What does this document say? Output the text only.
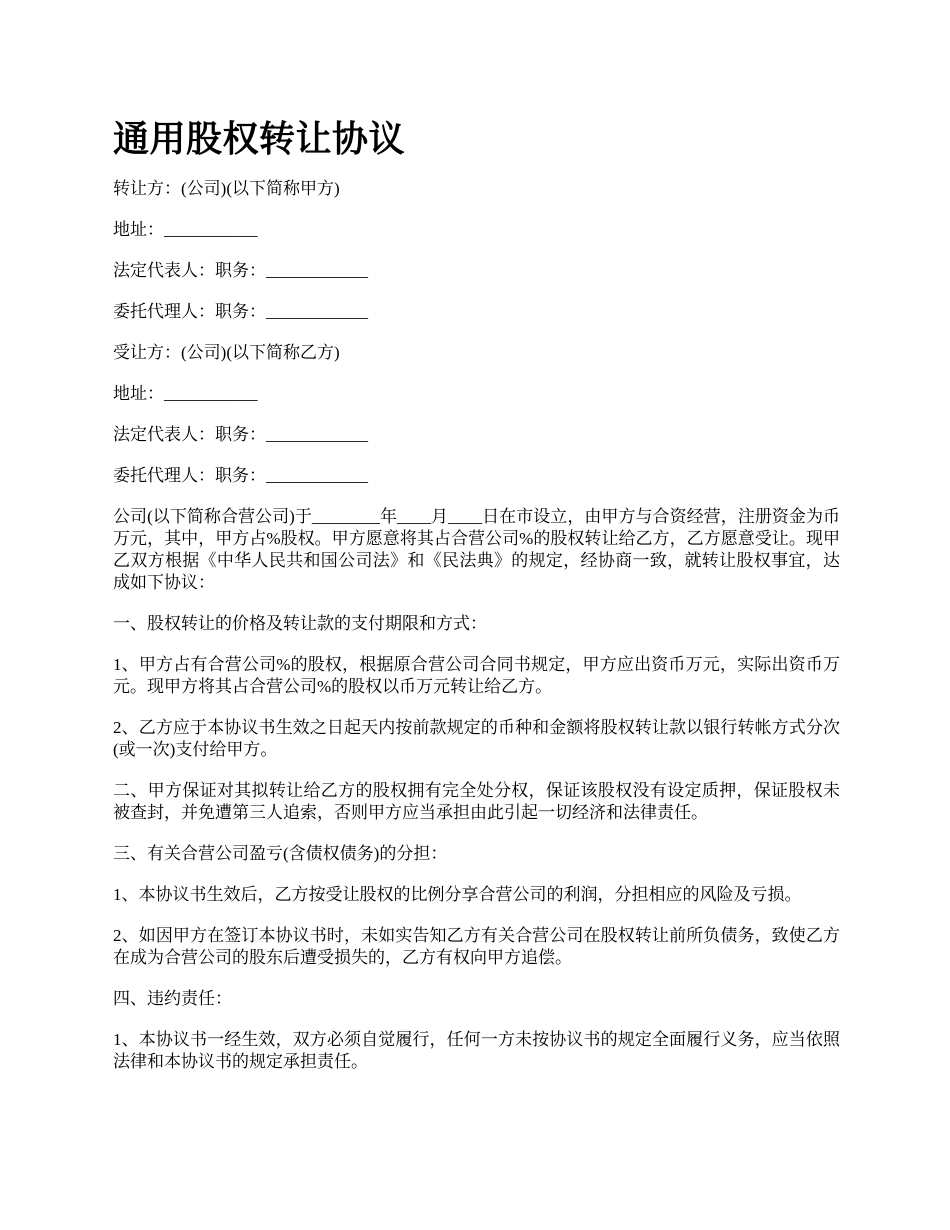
通用股权转让协议

转让方：(公司)(以下简称甲方)

地址：___________

法定代表人：职务：____________

委托代理人：职务：____________

受让方：(公司)(以下简称乙方)

地址：___________

法定代表人：职务：____________

委托代理人：职务：____________

公司(以下简称合营公司)于________年____月____日在市设立，由甲方与合资经营，注册资金为币万元，其中，甲方占%股权。甲方愿意将其占合营公司%的股权转让给乙方，乙方愿意受让。现甲乙双方根据《中华人民共和国公司法》和《民法典》的规定，经协商一致，就转让股权事宜，达成如下协议：

一、股权转让的价格及转让款的支付期限和方式：

1、甲方占有合营公司%的股权，根据原合营公司合同书规定，甲方应出资币万元，实际出资币万元。现甲方将其占合营公司%的股权以币万元转让给乙方。

2、乙方应于本协议书生效之日起天内按前款规定的币种和金额将股权转让款以银行转帐方式分次(或一次)支付给甲方。

二、甲方保证对其拟转让给乙方的股权拥有完全处分权，保证该股权没有设定质押，保证股权未被查封，并免遭第三人追索，否则甲方应当承担由此引起一切经济和法律责任。

三、有关合营公司盈亏(含债权债务)的分担：

1、本协议书生效后，乙方按受让股权的比例分享合营公司的利润，分担相应的风险及亏损。

2、如因甲方在签订本协议书时，未如实告知乙方有关合营公司在股权转让前所负债务，致使乙方在成为合营公司的股东后遭受损失的，乙方有权向甲方追偿。

四、违约责任：

1、本协议书一经生效，双方必须自觉履行，任何一方未按协议书的规定全面履行义务，应当依照法律和本协议书的规定承担责任。
